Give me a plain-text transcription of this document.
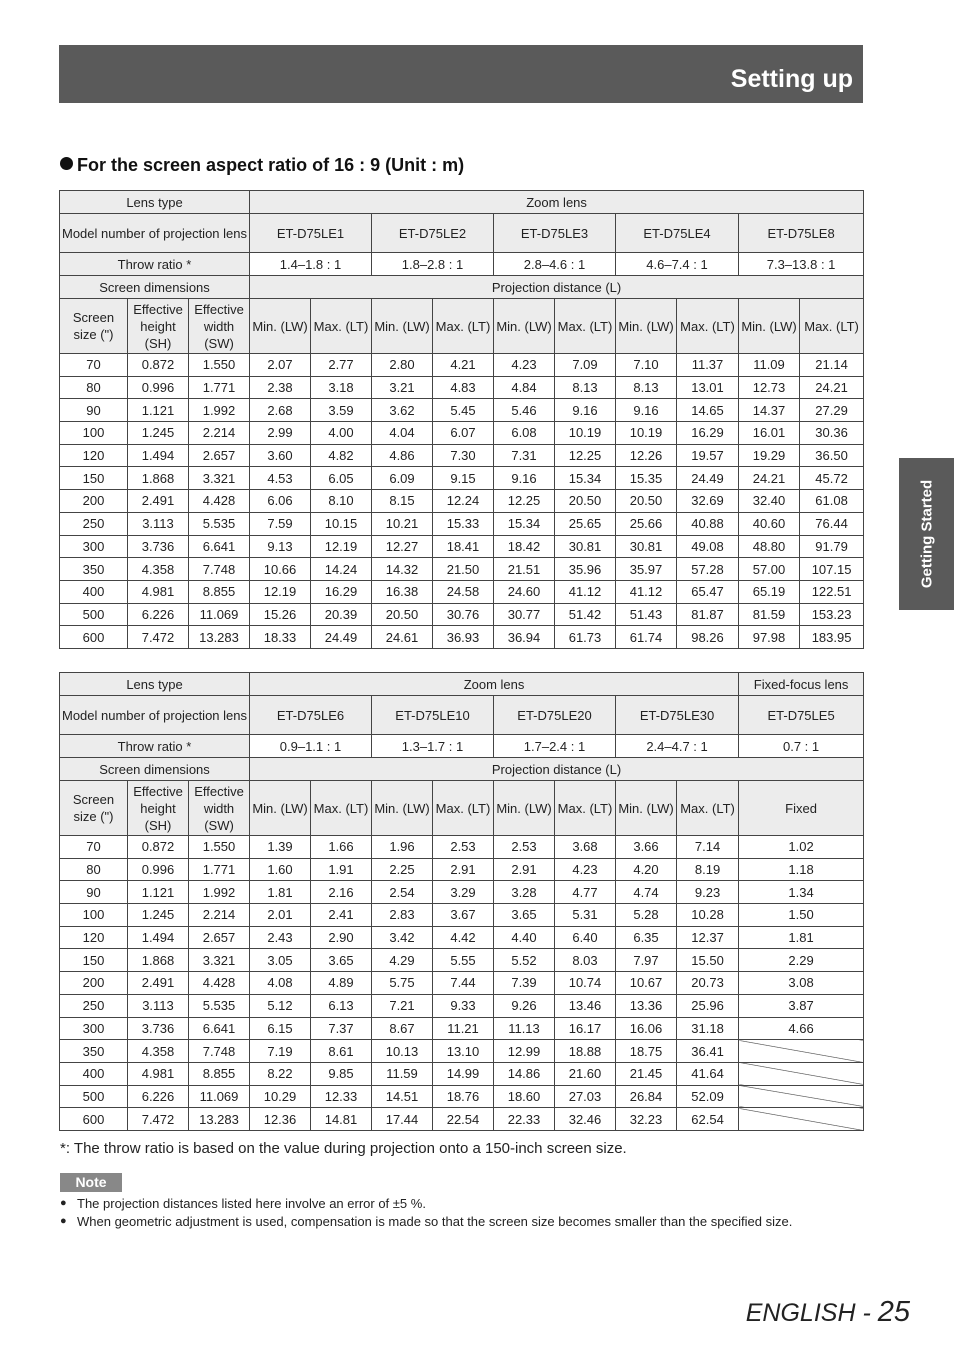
Setting up
Getting Started
For the screen aspect ratio of 16 : 9 (Unit : m)
Lens type			Zoom lens									
Model number of projection lens			ET-D75LE1		ET-D75LE2		ET-D75LE3		ET-D75LE4		ET-D75LE8	
Throw ratio *			1.4–1.8 : 1		1.8–2.8 : 1		2.8–4.6 : 1		4.6–7.4 : 1		7.3–13.8 : 1	
Screen dimensions			Projection distance (L)									
Screen size (")	Effective height (SH)	Effective width (SW)	Min. (LW)	Max. (LT)	Min. (LW)	Max. (LT)	Min. (LW)	Max. (LT)	Min. (LW)	Max. (LT)	Min. (LW)	Max. (LT)
70	0.872	1.550	2.07	2.77	2.80	4.21	4.23	7.09	7.10	11.37	11.09	21.14
80	0.996	1.771	2.38	3.18	3.21	4.83	4.84	8.13	8.13	13.01	12.73	24.21
90	1.121	1.992	2.68	3.59	3.62	5.45	5.46	9.16	9.16	14.65	14.37	27.29
100	1.245	2.214	2.99	4.00	4.04	6.07	6.08	10.19	10.19	16.29	16.01	30.36
120	1.494	2.657	3.60	4.82	4.86	7.30	7.31	12.25	12.26	19.57	19.29	36.50
150	1.868	3.321	4.53	6.05	6.09	9.15	9.16	15.34	15.35	24.49	24.21	45.72
200	2.491	4.428	6.06	8.10	8.15	12.24	12.25	20.50	20.50	32.69	32.40	61.08
250	3.113	5.535	7.59	10.15	10.21	15.33	15.34	25.65	25.66	40.88	40.60	76.44
300	3.736	6.641	9.13	12.19	12.27	18.41	18.42	30.81	30.81	49.08	48.80	91.79
350	4.358	7.748	10.66	14.24	14.32	21.50	21.51	35.96	35.97	57.28	57.00	107.15
400	4.981	8.855	12.19	16.29	16.38	24.58	24.60	41.12	41.12	65.47	65.19	122.51
500	6.226	11.069	15.26	20.39	20.50	30.76	30.77	51.42	51.43	81.87	81.59	153.23
600	7.472	13.283	18.33	24.49	24.61	36.93	36.94	61.73	61.74	98.26	97.98	183.95
Lens type			Zoom lens								Fixed-focus lens
Model number of projection lens			ET-D75LE6		ET-D75LE10		ET-D75LE20		ET-D75LE30		ET-D75LE5
Throw ratio *			0.9–1.1 : 1		1.3–1.7 : 1		1.7–2.4 : 1		2.4–4.7 : 1		0.7 : 1
Screen dimensions			Projection distance (L)								
Screen size (")	Effective height (SH)	Effective width (SW)	Min. (LW)	Max. (LT)	Min. (LW)	Max. (LT)	Min. (LW)	Max. (LT)	Min. (LW)	Max. (LT)	Fixed
70	0.872	1.550	1.39	1.66	1.96	2.53	2.53	3.68	3.66	7.14	1.02
80	0.996	1.771	1.60	1.91	2.25	2.91	2.91	4.23	4.20	8.19	1.18
90	1.121	1.992	1.81	2.16	2.54	3.29	3.28	4.77	4.74	9.23	1.34
100	1.245	2.214	2.01	2.41	2.83	3.67	3.65	5.31	5.28	10.28	1.50
120	1.494	2.657	2.43	2.90	3.42	4.42	4.40	6.40	6.35	12.37	1.81
150	1.868	3.321	3.05	3.65	4.29	5.55	5.52	8.03	7.97	15.50	2.29
200	2.491	4.428	4.08	4.89	5.75	7.44	7.39	10.74	10.67	20.73	3.08
250	3.113	5.535	5.12	6.13	7.21	9.33	9.26	13.46	13.36	25.96	3.87
300	3.736	6.641	6.15	7.37	8.67	11.21	11.13	16.17	16.06	31.18	4.66
350	4.358	7.748	7.19	8.61	10.13	13.10	12.99	18.88	18.75	36.41	
400	4.981	8.855	8.22	9.85	11.59	14.99	14.86	21.60	21.45	41.64	
500	6.226	11.069	10.29	12.33	14.51	18.76	18.60	27.03	26.84	52.09	
600	7.472	13.283	12.36	14.81	17.44	22.54	22.33	32.46	32.23	62.54	
*: The throw ratio is based on the value during projection onto a 150-inch screen size.
Note
● The projection distances listed here involve an error of ±5 %.
● When geometric adjustment is used, compensation is made so that the screen size becomes smaller than the specified size.
ENGLISH - 25
